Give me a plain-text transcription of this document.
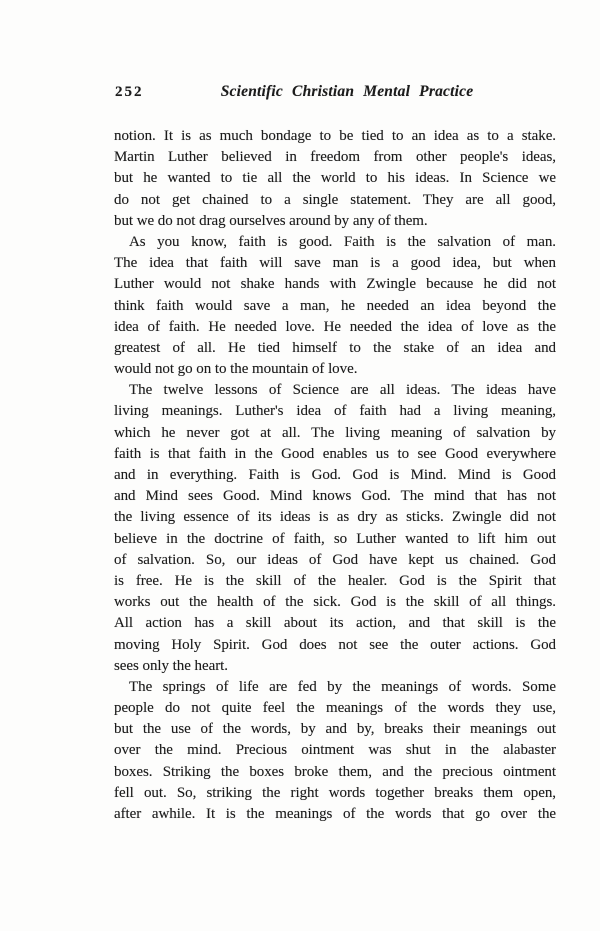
252	Scientific Christian Mental Practice
notion. It is as much bondage to be tied to an idea as to a stake.
Martin Luther believed in freedom from other people's ideas,
but he wanted to tie all the world to his ideas. In Science we
do not get chained to a single statement. They are all good,
but we do not drag ourselves around by any of them.
As you know, faith is good. Faith is the salvation of man.
The idea that faith will save man is a good idea, but when
Luther would not shake hands with Zwingle because he did not
think faith would save a man, he needed an idea beyond the
idea of faith. He needed love. He needed the idea of love as the
greatest of all. He tied himself to the stake of an idea and
would not go on to the mountain of love.
The twelve lessons of Science are all ideas. The ideas have
living meanings. Luther's idea of faith had a living meaning,
which he never got at all. The living meaning of salvation by
faith is that faith in the Good enables us to see Good everywhere
and in everything. Faith is God. God is Mind. Mind is Good
and Mind sees Good. Mind knows God. The mind that has not
the living essence of its ideas is as dry as sticks. Zwingle did not
believe in the doctrine of faith, so Luther wanted to lift him out
of salvation. So, our ideas of God have kept us chained. God
is free. He is the skill of the healer. God is the Spirit that
works out the health of the sick. God is the skill of all things.
All action has a skill about its action, and that skill is the
moving Holy Spirit. God does not see the outer actions. God
sees only the heart.
The springs of life are fed by the meanings of words. Some
people do not quite feel the meanings of the words they use,
but the use of the words, by and by, breaks their meanings out
over the mind. Precious ointment was shut in the alabaster
boxes. Striking the boxes broke them, and the precious ointment
fell out. So, striking the right words together breaks them open,
after awhile. It is the meanings of the words that go over the
